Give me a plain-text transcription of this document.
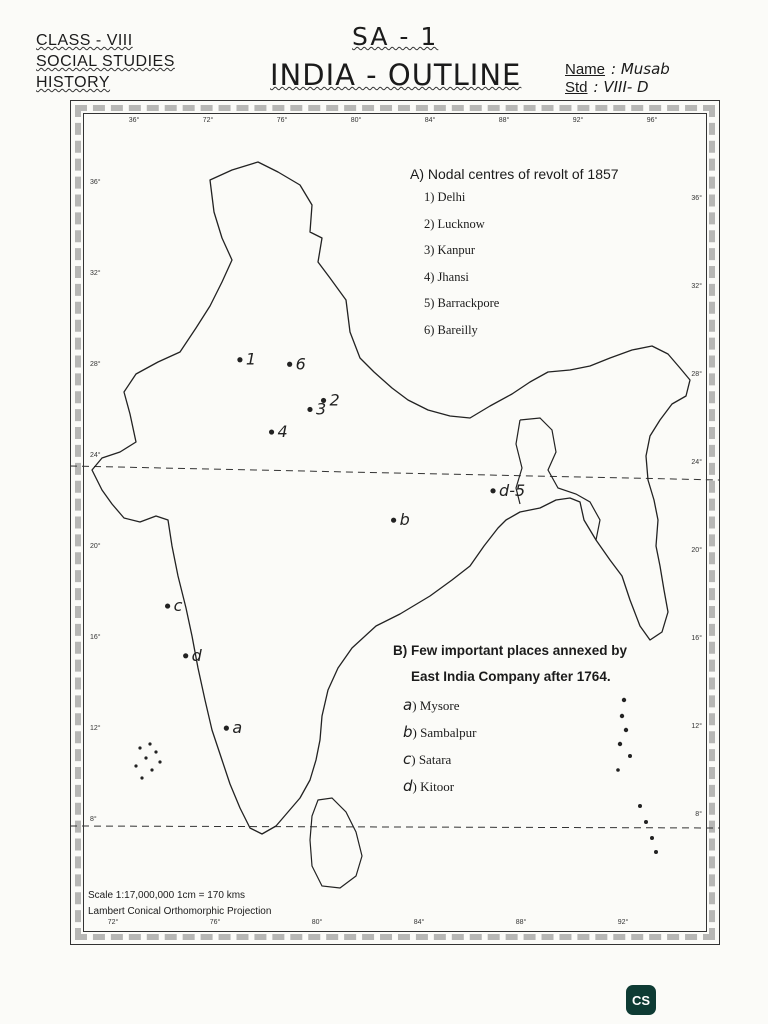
CLASS - VIII
SOCIAL STUDIES
HISTORY
SA - 1
INDIA - OUTLINE	Name : Musab
Std : VIII- D
36°	72°	76°	80°	84°	88°	92°	96°
72°	76°	80°	84°	88°	92°
36°
32°
28°
24°
20°
16°
12°
8°
36°
32°
28°
24°
20°
16°
12°
8°
1 6
2
3
4
d-5
b
c
d
a
A) Nodal centres of revolt of 1857
1) Delhi
2) Lucknow
3) Kanpur
4) Jhansi
5) Barrackpore
6) Bareilly
B) Few important places annexed by
East India Company after 1764.
a) Mysore
b) Sambalpur
c) Satara
d) Kitoor
Scale 1:17,000,000 1cm = 170 kms
Lambert Conical Orthomorphic Projection
CS
